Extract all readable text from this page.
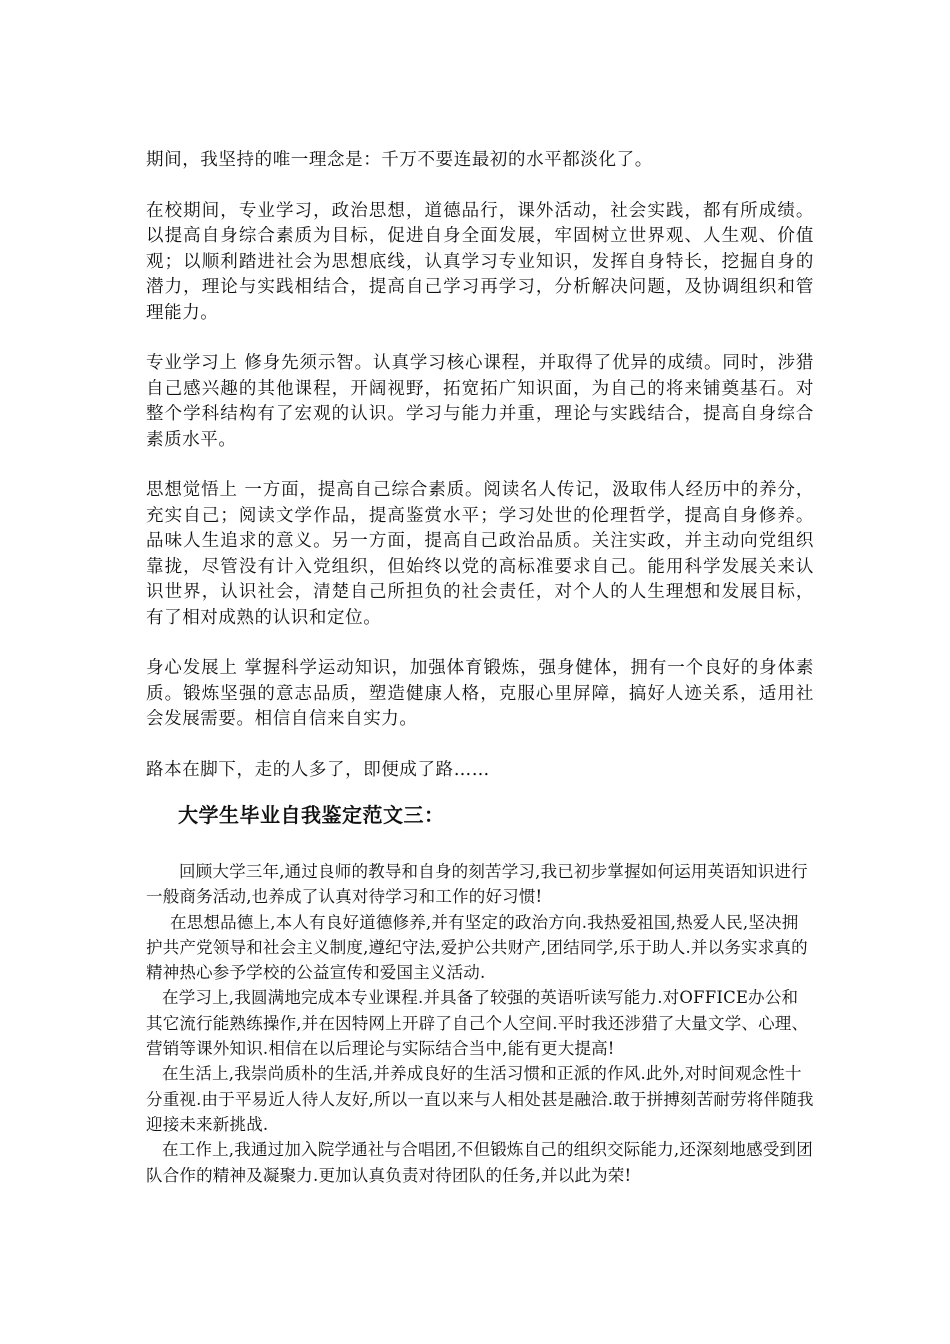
期间，我坚持的唯一理念是：千万不要连最初的水平都淡化了。

在校期间，专业学习，政治思想，道德品行，课外活动，社会实践，都有所成绩。以提高自身综合素质为目标，促进自身全面发展，牢固树立世界观、人生观、价值观；以顺利踏进社会为思想底线，认真学习专业知识，发挥自身特长，挖掘自身的潜力，理论与实践相结合，提高自己学习再学习，分析解决问题，及协调组织和管理能力。

专业学习上 修身先须示智。认真学习核心课程，并取得了优异的成绩。同时，涉猎自己感兴趣的其他课程，开阔视野，拓宽拓广知识面，为自己的将来铺奠基石。对整个学科结构有了宏观的认识。学习与能力并重，理论与实践结合，提高自身综合素质水平。

思想觉悟上 一方面，提高自己综合素质。阅读名人传记，汲取伟人经历中的养分，充实自己；阅读文学作品，提高鉴赏水平；学习处世的伦理哲学，提高自身修养。品味人生追求的意义。另一方面，提高自己政治品质。关注实政，并主动向党组织靠拢，尽管没有计入党组织，但始终以党的高标准要求自己。能用科学发展关来认识世界，认识社会，清楚自己所担负的社会责任，对个人的人生理想和发展目标，有了相对成熟的认识和定位。

身心发展上 掌握科学运动知识，加强体育锻炼，强身健体，拥有一个良好的身体素质。锻炼坚强的意志品质，塑造健康人格，克服心里屏障，搞好人迹关系，适用社会发展需要。相信自信来自实力。

路本在脚下，走的人多了，即便成了路……

大学生毕业自我鉴定范文三：

回顾大学三年,通过良师的教导和自身的刻苦学习,我已初步掌握如何运用英语知识进行一般商务活动,也养成了认真对待学习和工作的好习惯!

在思想品德上,本人有良好道德修养,并有坚定的政治方向.我热爱祖国,热爱人民,坚决拥护共产党领导和社会主义制度,遵纪守法,爱护公共财产,团结同学,乐于助人.并以务实求真的精神热心参予学校的公益宣传和爱国主义活动.

在学习上,我圆满地完成本专业课程.并具备了较强的英语听读写能力.对OFFICE办公和其它流行能熟练操作,并在因特网上开辟了自己个人空间.平时我还涉猎了大量文学、心理、营销等课外知识.相信在以后理论与实际结合当中,能有更大提高!

在生活上,我崇尚质朴的生活,并养成良好的生活习惯和正派的作风.此外,对时间观念性十分重视.由于平易近人待人友好,所以一直以来与人相处甚是融洽.敢于拼搏刻苦耐劳将伴随我迎接未来新挑战.

在工作上,我通过加入院学通社与合唱团,不但锻炼自己的组织交际能力,还深刻地感受到团队合作的精神及凝聚力.更加认真负责对待团队的任务,并以此为荣!
